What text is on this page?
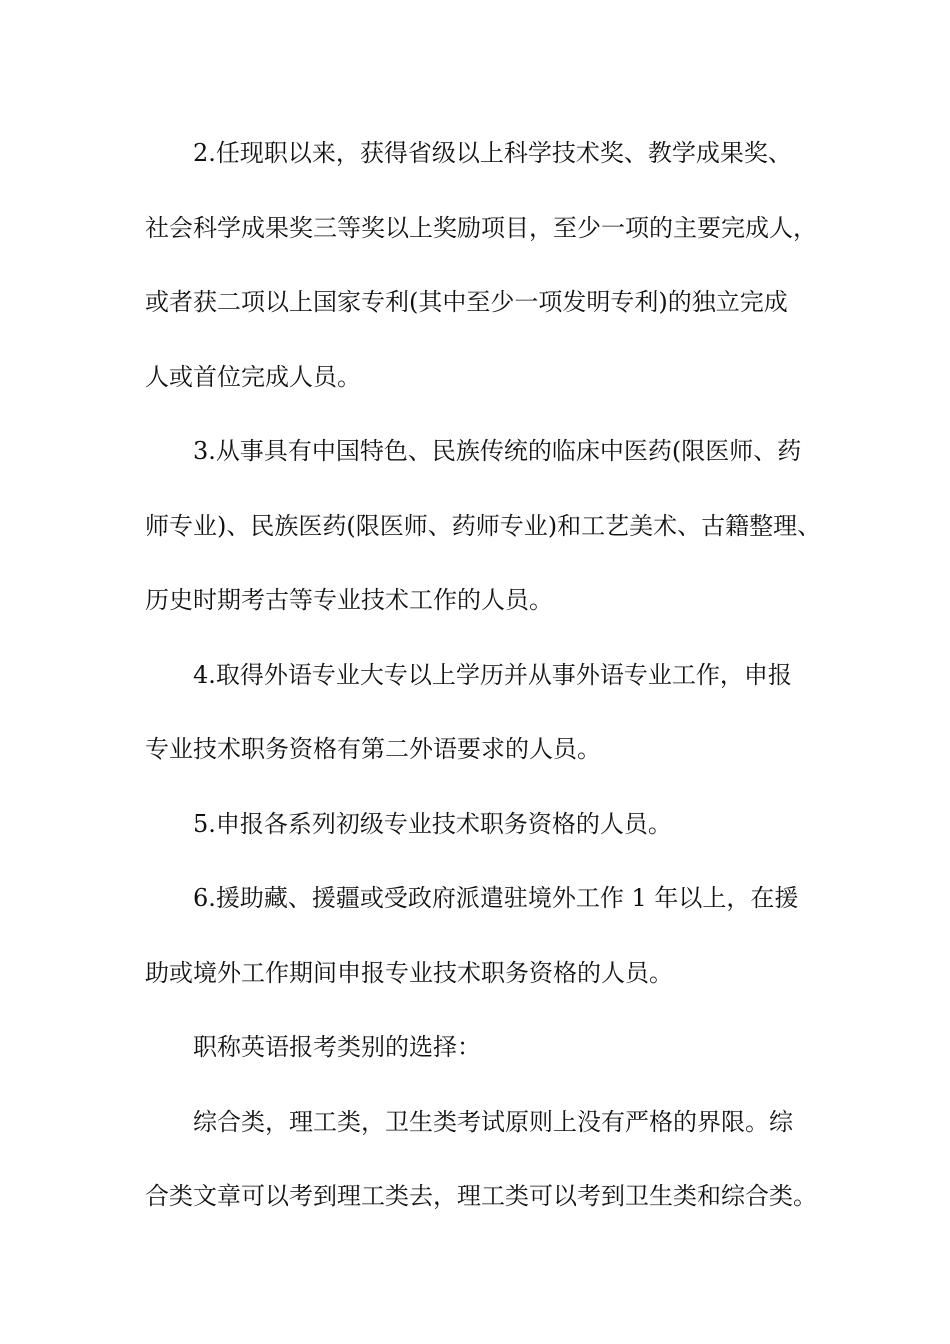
2.任现职以来，获得省级以上科学技术奖、教学成果奖、
社会科学成果奖三等奖以上奖励项目，至少一项的主要完成人，
或者获二项以上国家专利(其中至少一项发明专利)的独立完成
人或首位完成人员。
3.从事具有中国特色、民族传统的临床中医药(限医师、药
师专业)、民族医药(限医师、药师专业)和工艺美术、古籍整理、
历史时期考古等专业技术工作的人员。
4.取得外语专业大专以上学历并从事外语专业工作，申报
专业技术职务资格有第二外语要求的人员。
5.申报各系列初级专业技术职务资格的人员。
6.援助藏、援疆或受政府派遣驻境外工作 1 年以上，在援
助或境外工作期间申报专业技术职务资格的人员。
职称英语报考类别的选择：
综合类，理工类，卫生类考试原则上没有严格的界限。综
合类文章可以考到理工类去，理工类可以考到卫生类和综合类。
